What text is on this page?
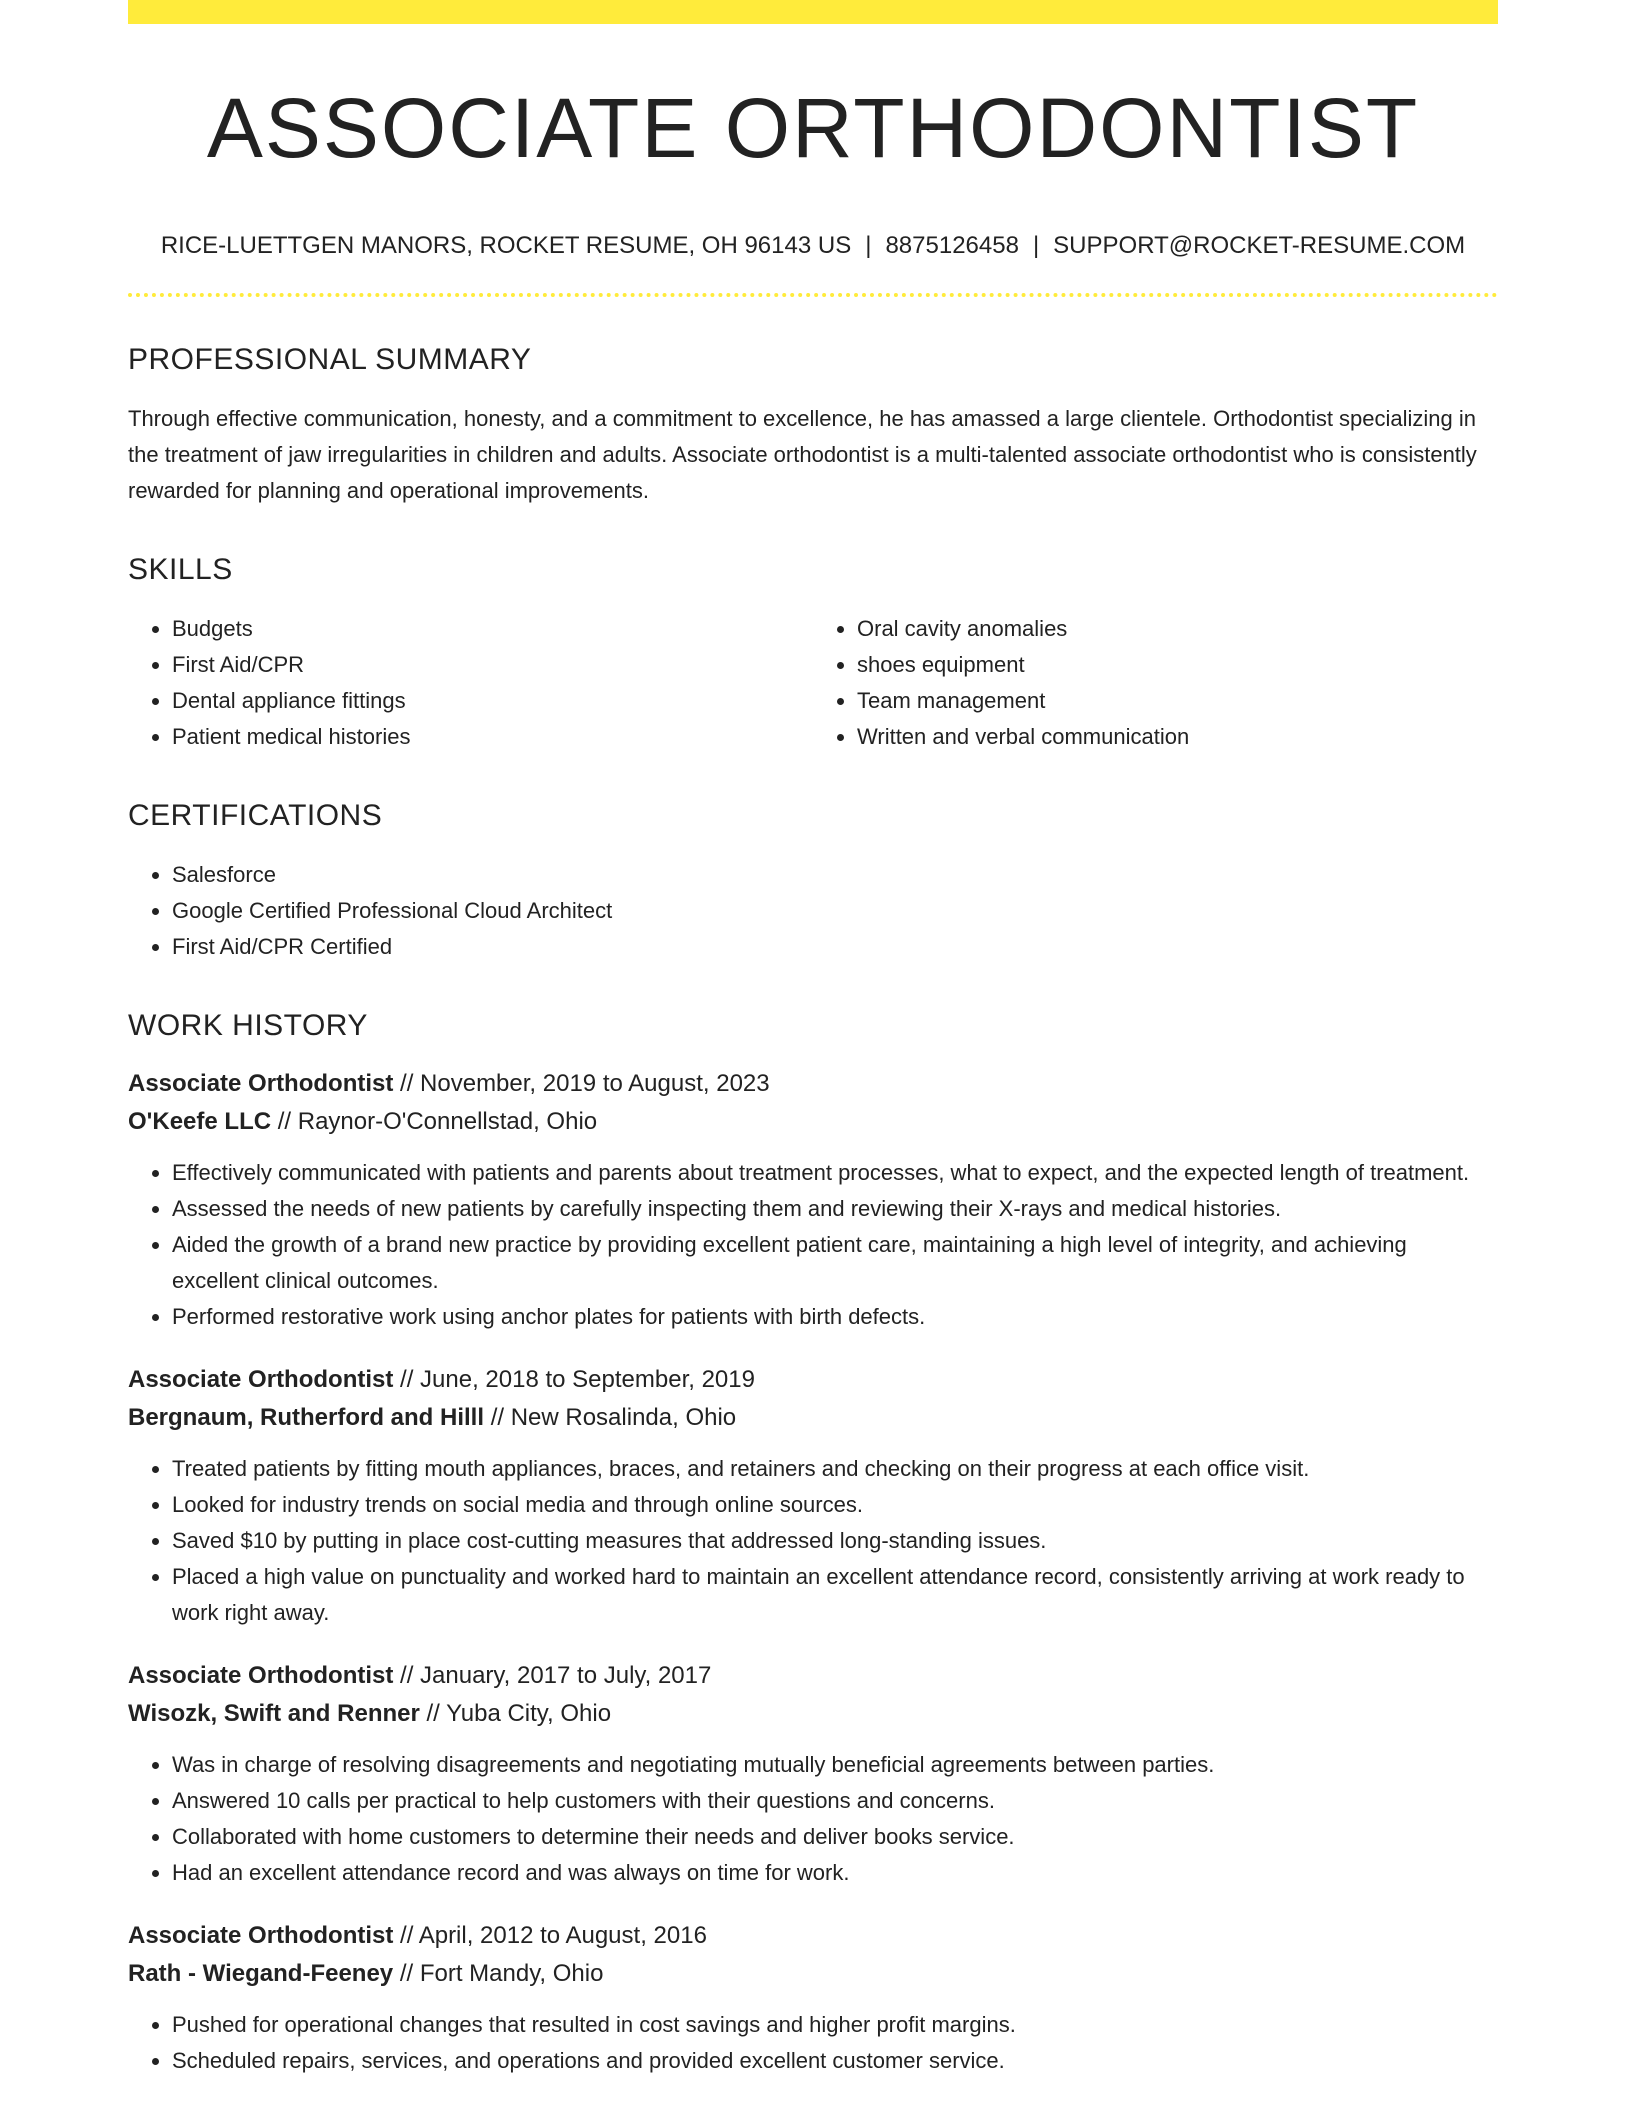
ASSOCIATE ORTHODONTIST
RICE-LUETTGEN MANORS, ROCKET RESUME, OH 96143 US | 8875126458 | SUPPORT@ROCKET-RESUME.COM
PROFESSIONAL SUMMARY

Through effective communication, honesty, and a commitment to excellence, he has amassed a large clientele. Orthodontist specializing in the treatment of jaw irregularities in children and adults. Associate orthodontist is a multi-talented associate orthodontist who is consistently rewarded for planning and operational improvements.

SKILLS
• Budgets
• First Aid/CPR
• Dental appliance fittings
• Patient medical histories
• Oral cavity anomalies
• shoes equipment
• Team management
• Written and verbal communication
CERTIFICATIONS
• Salesforce
• Google Certified Professional Cloud Architect
• First Aid/CPR Certified
WORK HISTORY
Associate Orthodontist // November, 2019 to August, 2023
O'Keefe LLC // Raynor-O'Connellstad, Ohio
• Effectively communicated with patients and parents about treatment processes, what to expect, and the expected length of treatment.
• Assessed the needs of new patients by carefully inspecting them and reviewing their X-rays and medical histories.
• Aided the growth of a brand new practice by providing excellent patient care, maintaining a high level of integrity, and achieving excellent clinical outcomes.
• Performed restorative work using anchor plates for patients with birth defects.
Associate Orthodontist // June, 2018 to September, 2019
Bergnaum, Rutherford and Hilll // New Rosalinda, Ohio
• Treated patients by fitting mouth appliances, braces, and retainers and checking on their progress at each office visit.
• Looked for industry trends on social media and through online sources.
• Saved $10 by putting in place cost-cutting measures that addressed long-standing issues.
• Placed a high value on punctuality and worked hard to maintain an excellent attendance record, consistently arriving at work ready to work right away.
Associate Orthodontist // January, 2017 to July, 2017
Wisozk, Swift and Renner // Yuba City, Ohio
• Was in charge of resolving disagreements and negotiating mutually beneficial agreements between parties.
• Answered 10 calls per practical to help customers with their questions and concerns.
• Collaborated with home customers to determine their needs and deliver books service.
• Had an excellent attendance record and was always on time for work.
Associate Orthodontist // April, 2012 to August, 2016
Rath - Wiegand-Feeney // Fort Mandy, Ohio
• Pushed for operational changes that resulted in cost savings and higher profit margins.
• Scheduled repairs, services, and operations and provided excellent customer service.
